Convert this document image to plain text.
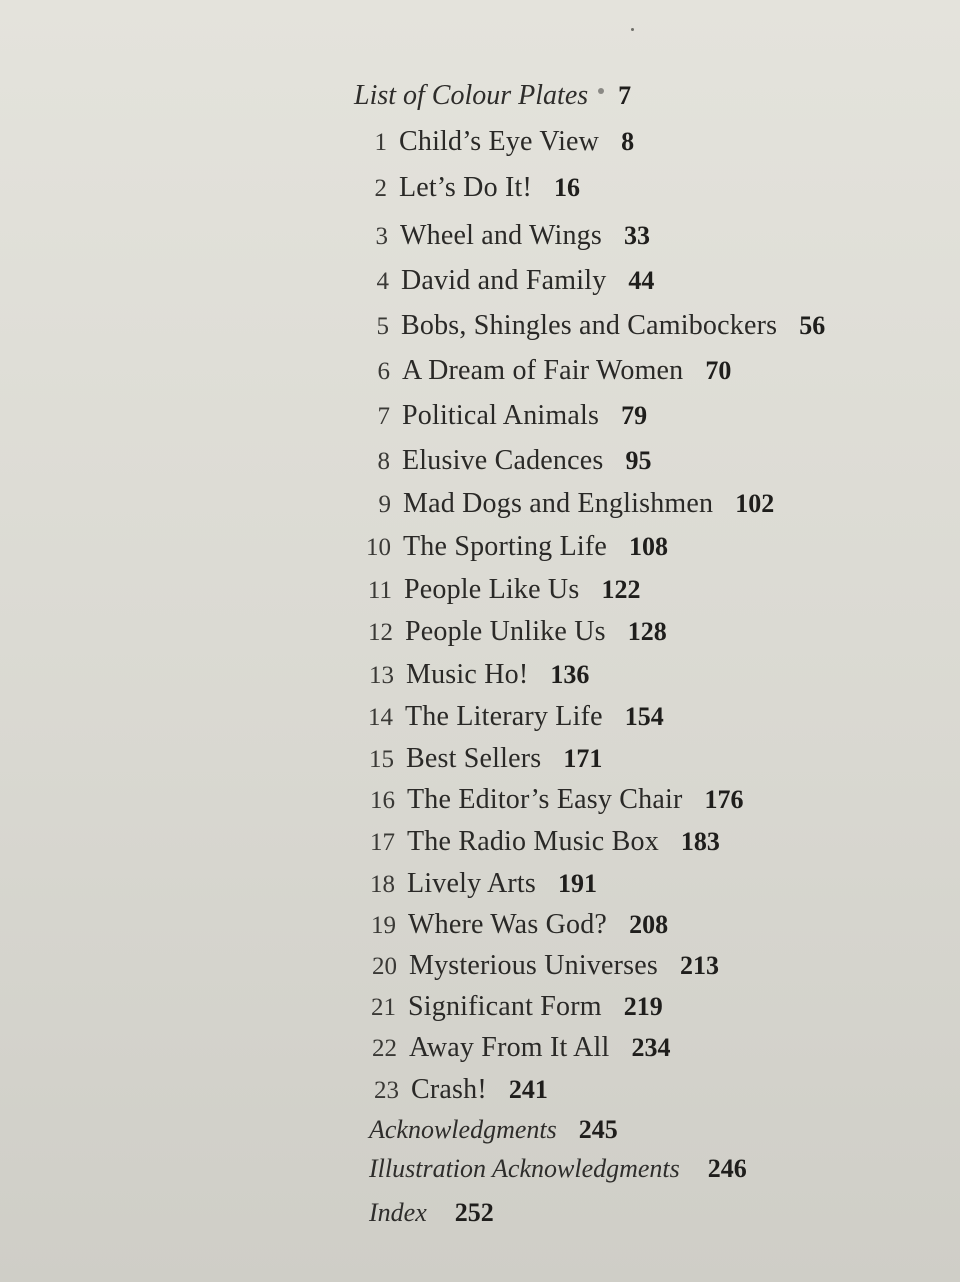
List of Colour Plates 7
1 Child’s Eye View 8
2 Let’s Do It! 16
3 Wheel and Wings 33
4 David and Family 44
5 Bobs, Shingles and Camibockers 56
6 A Dream of Fair Women 70
7 Political Animals 79
8 Elusive Cadences 95
9 Mad Dogs and Englishmen 102
10 The Sporting Life 108
11 People Like Us 122
12 People Unlike Us 128
13 Music Ho! 136
14 The Literary Life 154
15 Best Sellers 171
16 The Editor’s Easy Chair 176
17 The Radio Music Box 183
18 Lively Arts 191
19 Where Was God? 208
20 Mysterious Universes 213
21 Significant Form 219
22 Away From It All 234
23 Crash! 241
Acknowledgments 245
Illustration Acknowledgments 246
Index 252
